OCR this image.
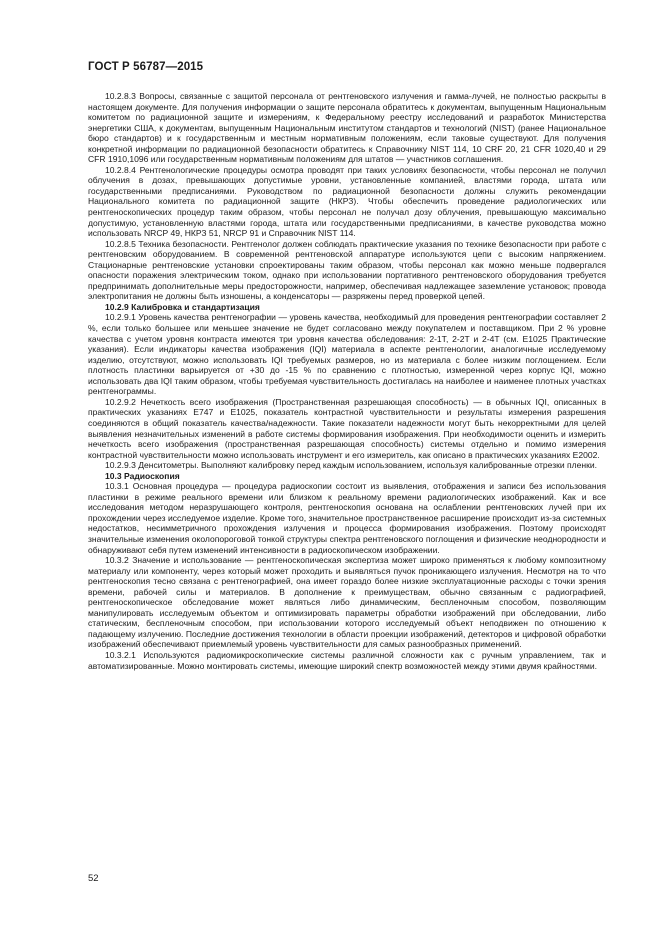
ГОСТ Р 56787—2015

10.2.8.3 Вопросы, связанные с защитой персонала от рентгеновского излучения и гамма-лучей, не полностью раскрыты в настоящем документе. Для получения информации о защите персонала обратитесь к документам, выпущенным Национальным комитетом по радиационной защите и измерениям, к Федеральному реестру исследований и разработок Министерства энергетики США, к документам, выпущенным Национальным институтом стандартов и технологий (NIST) (ранее Национальное бюро стандартов) и к государственным и местным нормативным положениям, если таковые существуют. Для получения конкретной информации по радиационной безопасности обратитесь к Справочнику NIST 114, 10 CRF 20, 21 CFR 1020,40 и 29 CFR 1910,1096 или государственным нормативным положениям для штатов — участников соглашения.

10.2.8.4 Рентгенологические процедуры осмотра проводят при таких условиях безопасности, чтобы персонал не получил облучения в дозах, превышающих допустимые уровни, установленные компанией, властями города, штата или государственными предписаниями. Руководством по радиационной безопасности должны служить рекомендации Национального комитета по радиационной защите (НКРЗ). Чтобы обеспечить проведение радиологических или рентгеноскопических процедур таким образом, чтобы персонал не получал дозу облучения, превышающую максимально допустимую, установленную властями города, штата или государственными предписаниями, в качестве руководства можно использовать NRCP 49, НКРЗ 51, NRCP 91 и Справочник NIST 114.

10.2.8.5 Техника безопасности. Рентгенолог должен соблюдать практические указания по технике безопасности при работе с рентгеновским оборудованием. В современной рентгеновской аппаратуре используются цепи с высоким напряжением. Стационарные рентгеновские установки спроектированы таким образом, чтобы персонал как можно меньше подвергался опасности поражения электрическим током, однако при использовании портативного рентгеновского оборудования требуется предпринимать дополнительные меры предосторожности, например, обеспечивая надлежащее заземление установок; провода электропитания не должны быть изношены, а конденсаторы — разряжены перед проверкой цепей.

10.2.9 Калибровка и стандартизация

10.2.9.1 Уровень качества рентгенографии — уровень качества, необходимый для проведения рентгенографии составляет 2 %, если только большее или меньшее значение не будет согласовано между покупателем и поставщиком. При 2 % уровне качества с учетом уровня контраста имеются три уровня качества обследования: 2-1Т, 2-2Т и 2-4Т (см. Е1025 Практические указания). Если индикаторы качества изображения (IQI) материала в аспекте рентгенологии, аналогичные исследуемому изделию, отсутствуют, можно использовать IQI требуемых размеров, но из материала с более низким поглощением. Если плотность пластинки варьируется от +30 до -15 % по сравнению с плотностью, измеренной через корпус IQI, можно использовать два IQI таким образом, чтобы требуемая чувствительность достигалась на наиболее и наименее плотных участках рентгенограммы.

10.2.9.2 Нечеткость всего изображения (Пространственная разрешающая способность) — в обычных IQI, описанных в практических указаниях Е747 и Е1025, показатель контрастной чувствительности и результаты измерения разрешения соединяются в общий показатель качества/надежности. Такие показатели надежности могут быть некорректными для целей выявления незначительных изменений в работе системы формирования изображения. При необходимости оценить и измерить нечеткость всего изображения (пространственная разрешающая способность) системы отдельно и помимо измерения контрастной чувствительности можно использовать инструмент и его измеритель, как описано в практических указаниях Е2002.

10.2.9.3 Денситометры. Выполняют калибровку перед каждым использованием, используя калиброванные отрезки пленки.

10.3 Радиоскопия

10.3.1 Основная процедура — процедура радиоскопии состоит из выявления, отображения и записи без использования пластинки в режиме реального времени или близком к реальному времени радиологических изображений. Как и все исследования методом неразрушающего контроля, рентгеноскопия основана на ослаблении рентгеновских лучей при их прохождении через исследуемое изделие. Кроме того, значительное пространственное расширение происходит из-за системных недостатков, несимметричного прохождения излучения и процесса формирования изображения. Поэтому происходят значительные изменения околопороговой тонкой структуры спектра рентгеновского поглощения и физические неоднородности и обнаруживают себя путем изменений интенсивности в радиоскопическом изображении.

10.3.2 Значение и использование — рентгеноскопическая экспертиза может широко применяться к любому композитному материалу или компоненту, через который может проходить и выявляться пучок проникающего излучения. Несмотря на то что рентгеноскопия тесно связана с рентгенографией, она имеет гораздо более низкие эксплуатационные расходы с точки зрения времени, рабочей силы и материалов. В дополнение к преимуществам, обычно связанным с радиографией, рентгеноскопическое обследование может являться либо динамическим, беспленочным способом, позволяющим манипулировать исследуемым объектом и оптимизировать параметры обработки изображений при обследовании, либо статическим, беспленочным способом, при использовании которого исследуемый объект неподвижен по отношению к падающему излучению. Последние достижения технологии в области проекции изображений, детекторов и цифровой обработки изображений обеспечивают приемлемый уровень чувствительности для самых разнообразных применений.

10.3.2.1 Используются радиомикроскопические системы различной сложности как с ручным управлением, так и автоматизированные. Можно монтировать системы, имеющие широкий спектр возможностей между этими двумя крайностями.

52
